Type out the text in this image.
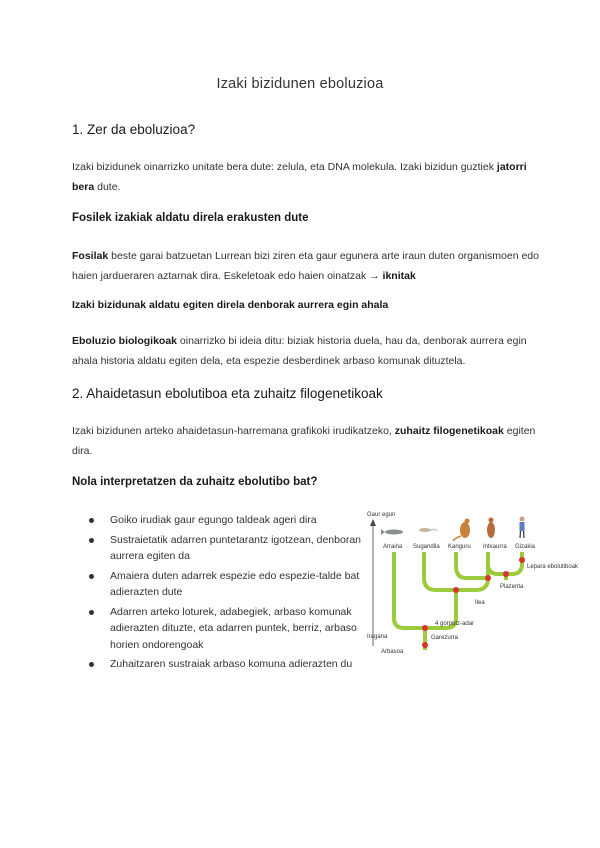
Izaki bizidunen eboluzioa
1. Zer da eboluzioa?
Izaki bizidunek oinarrizko unitate bera dute: zelula, eta DNA molekula. Izaki bizidun guztiek jatorri bera dute.
Fosilek izakiak aldatu direla erakusten dute
Fosilak beste garai batzuetan Lurrean bizi ziren eta gaur egunera arte iraun duten organismoen edo haien jardueraren aztarnak dira. Eskeletoak edo haien oinatzak → iknitak
Izaki bizidunak aldatu egiten direla denborak aurrera egin ahala
Eboluzio biologikoak oinarrizko bi ideia ditu: biziak historia duela, hau da, denborak aurrera egin ahala historia aldatu egiten dela, eta espezie desberdinek arbaso komunak dituztela.
2. Ahaidetasun ebolutiboa eta zuhaitz filogenetikoak
Izaki bizidunen arteko ahaidetasun-harremana grafikoki irudikatzeko, zuhaitz filogenetikoak egiten dira.
Nola interpretatzen da zuhaitz ebolutibo bat?
Goiko irudiak gaur egungo taldeak ageri dira
Sustraietatik adarren puntetarantz igotzean, denboran aurrera egiten da
Amaiera duten adarrek espezie edo espezie-talde bat adierazten dute
Adarren arteko loturek, adabegiek, arbaso komunak adierazten dituzte, eta adarren puntek, berriz, arbaso horien ondorengoak
Zuhaitzaren sustraiak arbaso komuna adierazten du
Gaur egun
Iragana
Arraina Sugandila Kanguru Intxaurra Gizakia
Lepara ebolutiboak
Plazenta
Ilea
4 gorputz-adar
Garezurra
Arbasoa
